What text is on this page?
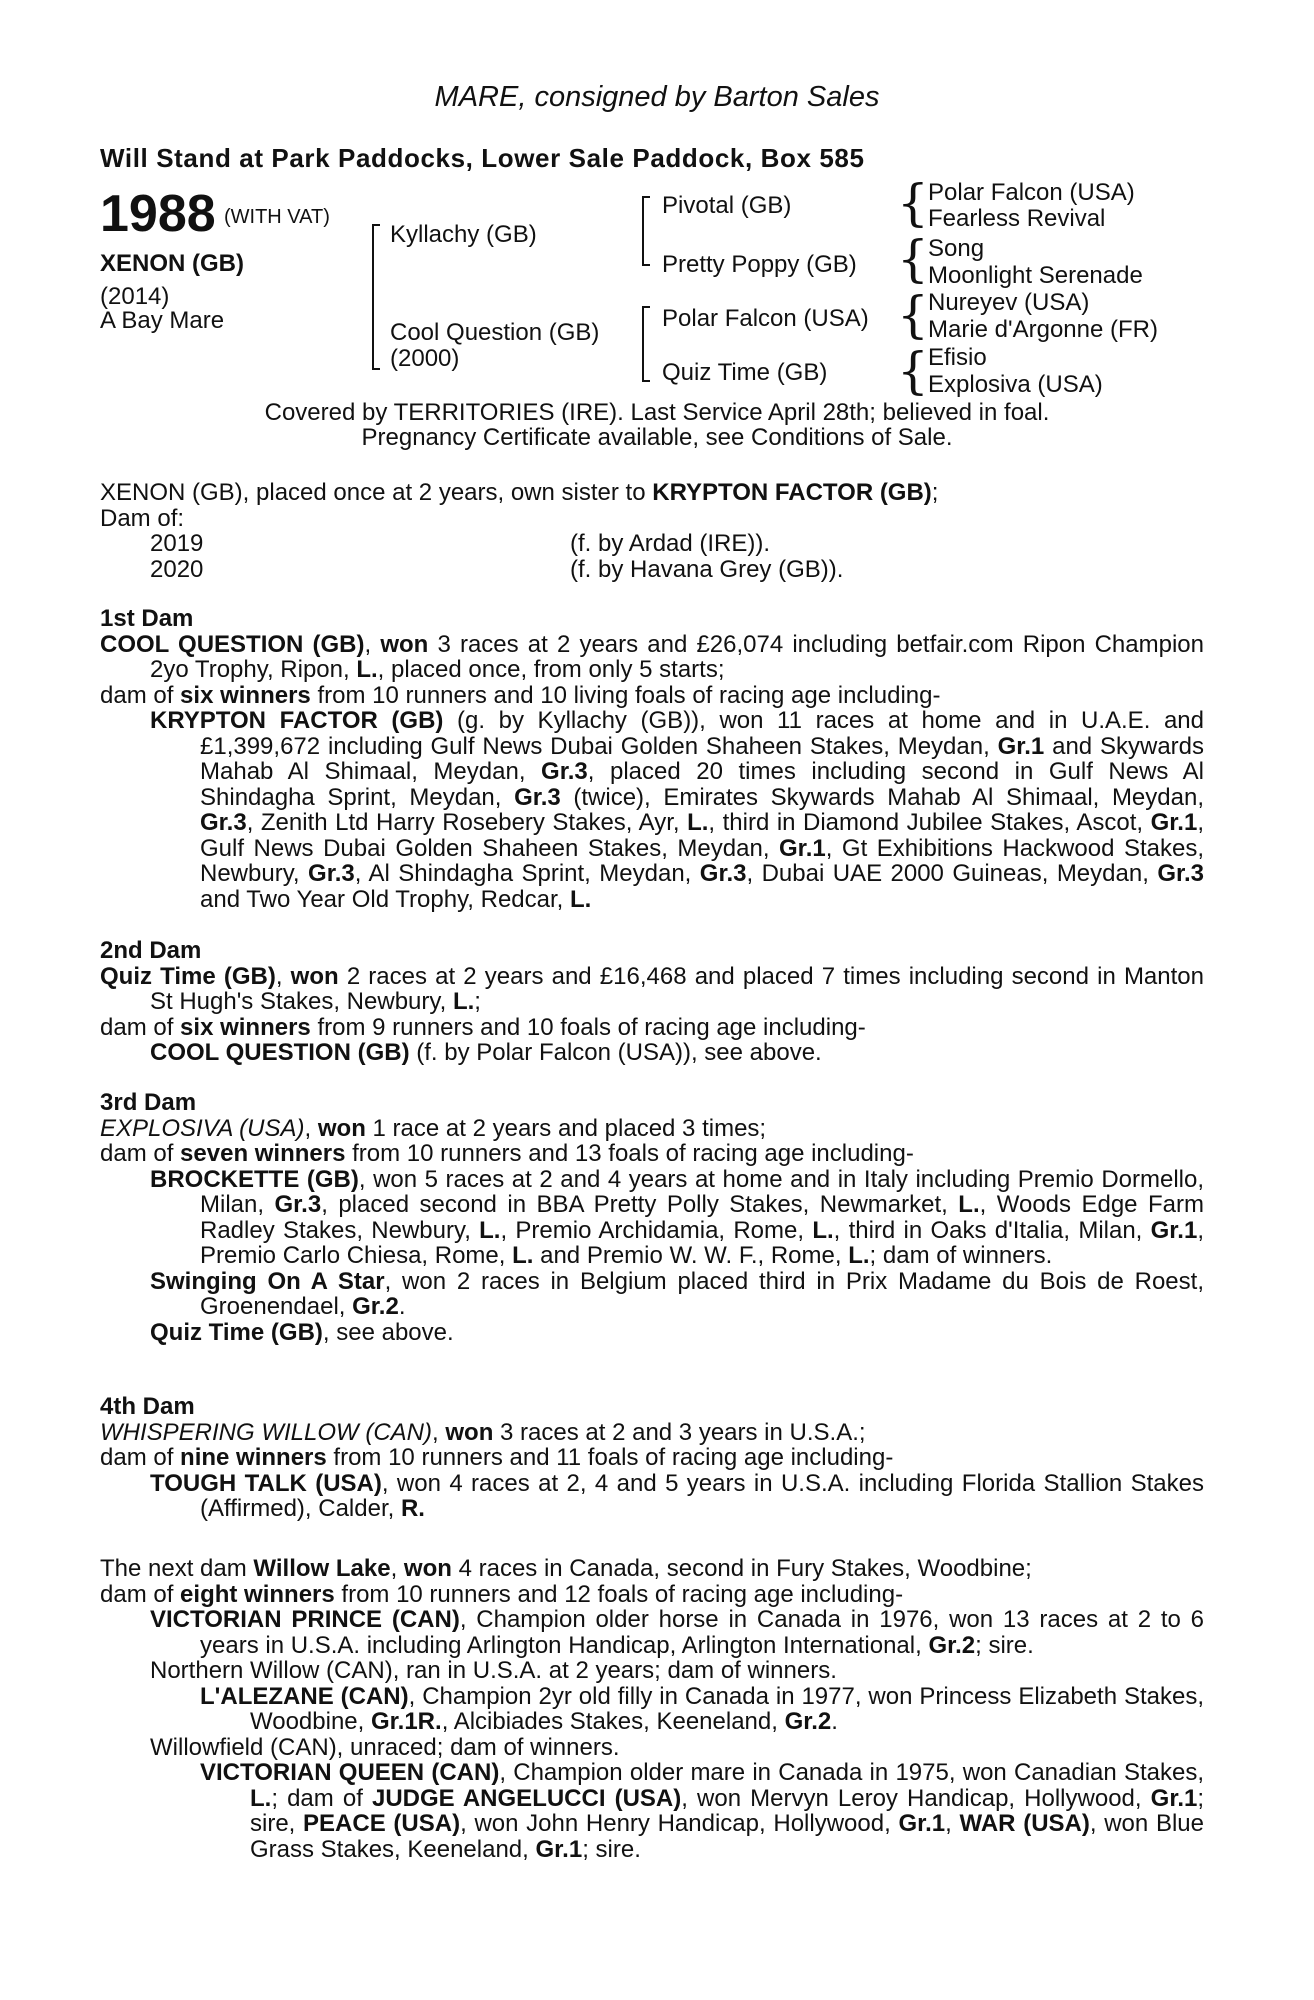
MARE, consigned by Barton Sales
Will Stand at Park Paddocks, Lower Sale Paddock, Box 585
1988 (WITH VAT)
XENON (GB)
(2014)
A Bay Mare
Kyllachy (GB)
Cool Question (GB)
(2000)
Pivotal (GB)
Pretty Poppy (GB)
Polar Falcon (USA)
Quiz Time (GB)
{
{
{
{
Polar Falcon (USA)
Fearless Revival
Song
Moonlight Serenade
Nureyev (USA)
Marie d'Argonne (FR)
Efisio
Explosiva (USA)
Covered by TERRITORIES (IRE). Last Service April 28th; believed in foal.
Pregnancy Certificate available, see Conditions of Sale.

XENON (GB), placed once at 2 years, own sister to KRYPTON FACTOR (GB);

Dam of:

2019	(f. by Ardad (IRE)).
2020	(f. by Havana Grey (GB)).

1st Dam

COOL QUESTION (GB), won 3 races at 2 years and £26,074 including betfair.com Ripon Champion 2yo Trophy, Ripon, L., placed once, from only 5 starts;

dam of six winners from 10 runners and 10 living foals of racing age including-

KRYPTON FACTOR (GB) (g. by Kyllachy (GB)), won 11 races at home and in U.A.E. and £1,399,672 including Gulf News Dubai Golden Shaheen Stakes, Meydan, Gr.1 and Skywards Mahab Al Shimaal, Meydan, Gr.3, placed 20 times including second in Gulf News Al Shindagha Sprint, Meydan, Gr.3 (twice), Emirates Skywards Mahab Al Shimaal, Meydan, Gr.3, Zenith Ltd Harry Rosebery Stakes, Ayr, L., third in Diamond Jubilee Stakes, Ascot, Gr.1, Gulf News Dubai Golden Shaheen Stakes, Meydan, Gr.1, Gt Exhibitions Hackwood Stakes, Newbury, Gr.3, Al Shindagha Sprint, Meydan, Gr.3, Dubai UAE 2000 Guineas, Meydan, Gr.3 and Two Year Old Trophy, Redcar, L.

2nd Dam

Quiz Time (GB), won 2 races at 2 years and £16,468 and placed 7 times including second in Manton St Hugh's Stakes, Newbury, L.;

dam of six winners from 9 runners and 10 foals of racing age including-

COOL QUESTION (GB) (f. by Polar Falcon (USA)), see above.

3rd Dam

EXPLOSIVA (USA), won 1 race at 2 years and placed 3 times;

dam of seven winners from 10 runners and 13 foals of racing age including-

BROCKETTE (GB), won 5 races at 2 and 4 years at home and in Italy including Premio Dormello, Milan, Gr.3, placed second in BBA Pretty Polly Stakes, Newmarket, L., Woods Edge Farm Radley Stakes, Newbury, L., Premio Archidamia, Rome, L., third in Oaks d'Italia, Milan, Gr.1, Premio Carlo Chiesa, Rome, L. and Premio W. W. F., Rome, L.; dam of winners.

Swinging On A Star, won 2 races in Belgium placed third in Prix Madame du Bois de Roest, Groenendael, Gr.2.

Quiz Time (GB), see above.

4th Dam

WHISPERING WILLOW (CAN), won 3 races at 2 and 3 years in U.S.A.;

dam of nine winners from 10 runners and 11 foals of racing age including-

TOUGH TALK (USA), won 4 races at 2, 4 and 5 years in U.S.A. including Florida Stallion Stakes (Affirmed), Calder, R.

The next dam Willow Lake, won 4 races in Canada, second in Fury Stakes, Woodbine;

dam of eight winners from 10 runners and 12 foals of racing age including-

VICTORIAN PRINCE (CAN), Champion older horse in Canada in 1976, won 13 races at 2 to 6 years in U.S.A. including Arlington Handicap, Arlington International, Gr.2; sire.

Northern Willow (CAN), ran in U.S.A. at 2 years; dam of winners.

L'ALEZANE (CAN), Champion 2yr old filly in Canada in 1977, won Princess Elizabeth Stakes, Woodbine, Gr.1R., Alcibiades Stakes, Keeneland, Gr.2.

Willowfield (CAN), unraced; dam of winners.

VICTORIAN QUEEN (CAN), Champion older mare in Canada in 1975, won Canadian Stakes, L.; dam of JUDGE ANGELUCCI (USA), won Mervyn Leroy Handicap, Hollywood, Gr.1; sire, PEACE (USA), won John Henry Handicap, Hollywood, Gr.1, WAR (USA), won Blue Grass Stakes, Keeneland, Gr.1; sire.
